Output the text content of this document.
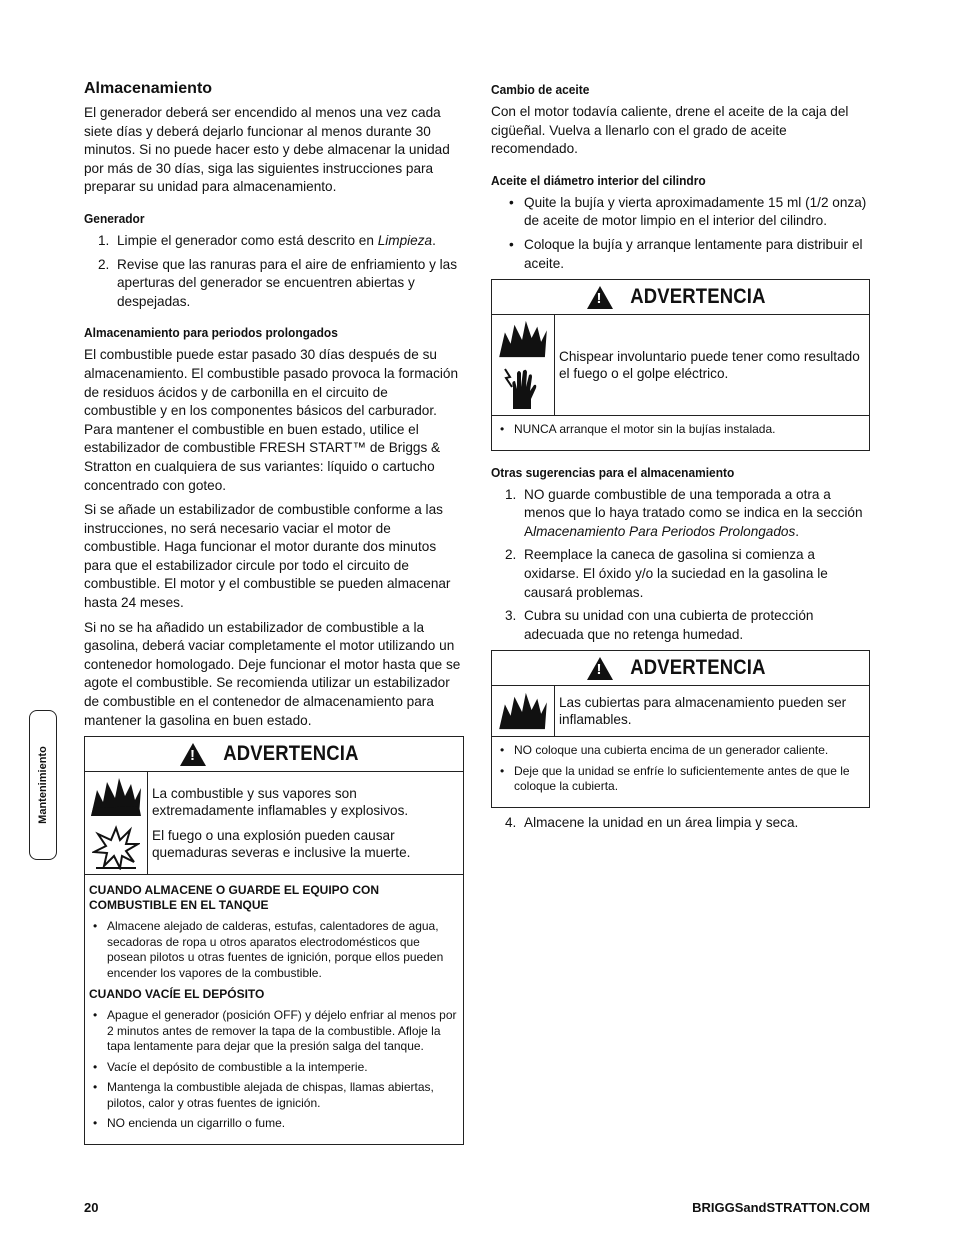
Mantenimiento
Almacenamiento

El generador deberá ser encendido al menos una vez cada siete días y deberá dejarlo funcionar al menos durante 30 minutos. Si no puede hacer esto y debe almacenar la unidad por más de 30 días, siga las siguientes instrucciones para preparar su unidad para almacenamiento.

Generador
1. Limpie el generador como está descrito en Limpieza.
2. Revise que las ranuras para el aire de enfriamiento y las aperturas del generador se encuentren abiertas y despejadas.
Almacenamiento para periodos prolongados

El combustible puede estar pasado 30 días después de su almacenamiento. El combustible pasado provoca la formación de residuos ácidos y de carbonilla en el circuito de combustible y en los componentes básicos del carburador. Para mantener el combustible en buen estado, utilice el estabilizador de combustible FRESH START™ de Briggs & Stratton en cualquiera de sus variantes: líquido o cartucho concentrado con goteo.

Si se añade un estabilizador de combustible conforme a las instrucciones, no será necesario vaciar el motor de combustible. Haga funcionar el motor durante dos minutos para que el estabilizador circule por todo el circuito de combustible. El motor y el combustible se pueden almacenar hasta 24 meses.

Si no se ha añadido un estabilizador de combustible a la gasolina, deberá vaciar completamente el motor utilizando un contenedor homologado. Deje funcionar el motor hasta que se agote el combustible. Se recomienda utilizar un estabilizador de combustible en el contenedor de almacenamiento para mantener la gasolina en buen estado.

! ADVERTENCIA

La combustible y sus vapores son extremadamente inflamables y explosivos.

El fuego o una explosión pueden causar quemaduras severas e inclusive la muerte.

CUANDO ALMACENE O GUARDE EL EQUIPO CON COMBUSTIBLE EN EL TANQUE
• Almacene alejado de calderas, estufas, calentadores de agua, secadoras de ropa u otros aparatos electrodomésticos que posean pilotos u otras fuentes de ignición, porque ellos pueden encender los vapores de la combustible.
CUANDO VACÍE EL DEPÓSITO
• Apague el generador (posición OFF) y déjelo enfriar al menos por 2 minutos antes de remover la tapa de la combustible. Afloje la tapa lentamente para dejar que la presión salga del tanque.
• Vacíe el depósito de combustible a la intemperie.
• Mantenga la combustible alejada de chispas, llamas abiertas, pilotos, calor y otras fuentes de ignición.
• NO encienda un cigarrillo o fume.
Cambio de aceite

Con el motor todavía caliente, drene el aceite de la caja del cigüeñal. Vuelva a llenarlo con el grado de aceite recomendado.

Aceite el diámetro interior del cilindro
• Quite la bujía y vierta aproximadamente 15 ml (1/2 onza) de aceite de motor limpio en el interior del cilindro.
• Coloque la bujía y arranque lentamente para distribuir el aceite.
! ADVERTENCIA

Chispear involuntario puede tener como resultado el fuego o el golpe eléctrico.

• NUNCA arranque el motor sin la bujías instalada.
Otras sugerencias para el almacenamiento
1. NO guarde combustible de una temporada a otra a menos que lo haya tratado como se indica en la sección Almacenamiento Para Periodos Prolongados.
2. Reemplace la caneca de gasolina si comienza a oxidarse. El óxido y/o la suciedad en la gasolina le causará problemas.
3. Cubra su unidad con una cubierta de protección adecuada que no retenga humedad.
! ADVERTENCIA

Las cubiertas para almacenamiento pueden ser inflamables.

• NO coloque una cubierta encima de un generador caliente.
• Deje que la unidad se enfríe lo suficientemente antes de que le coloque la cubierta.
4. Almacene la unidad en un área limpia y seca.
20	BRIGGSandSTRATTON.COM
